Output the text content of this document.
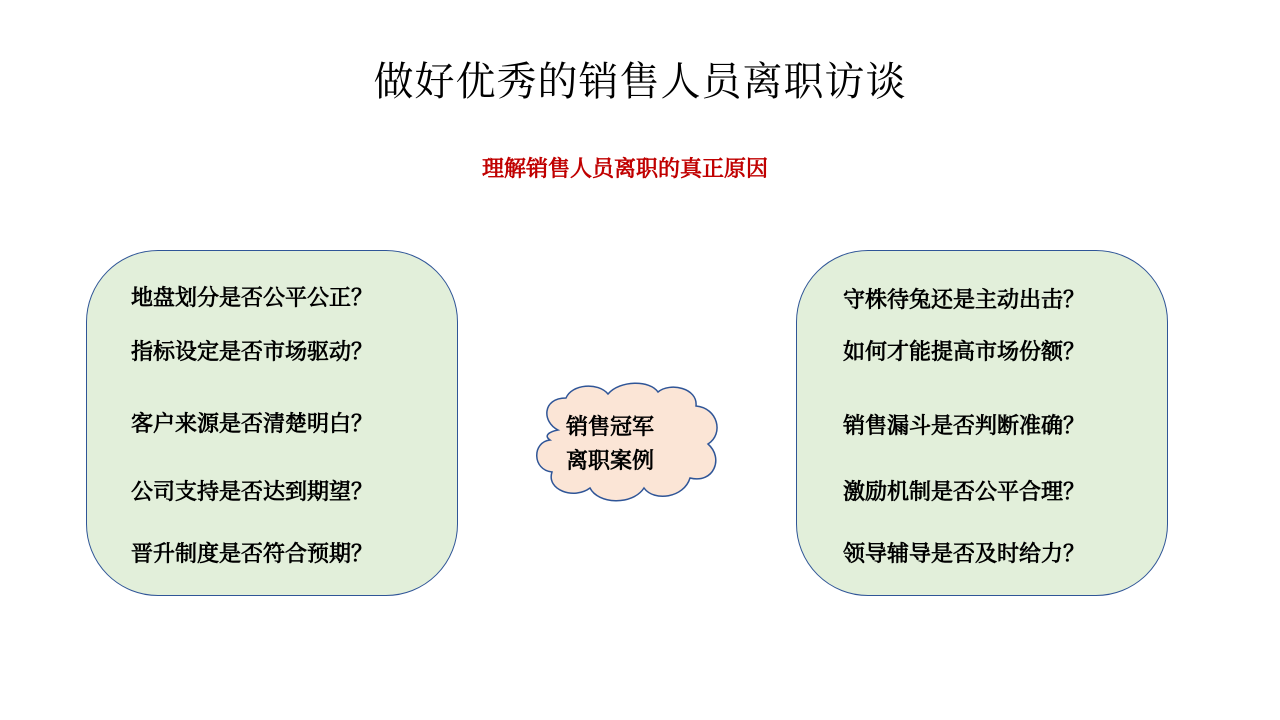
做好优秀的销售人员离职访谈
理解销售人员离职的真正原因
地盘划分是否公平公正？
指标设定是否市场驱动？
客户来源是否清楚明白？
公司支持是否达到期望？
晋升制度是否符合预期？
销售冠军
离职案例
守株待兔还是主动出击？
如何才能提高市场份额？
销售漏斗是否判断准确？
激励机制是否公平合理？
领导辅导是否及时给力？
